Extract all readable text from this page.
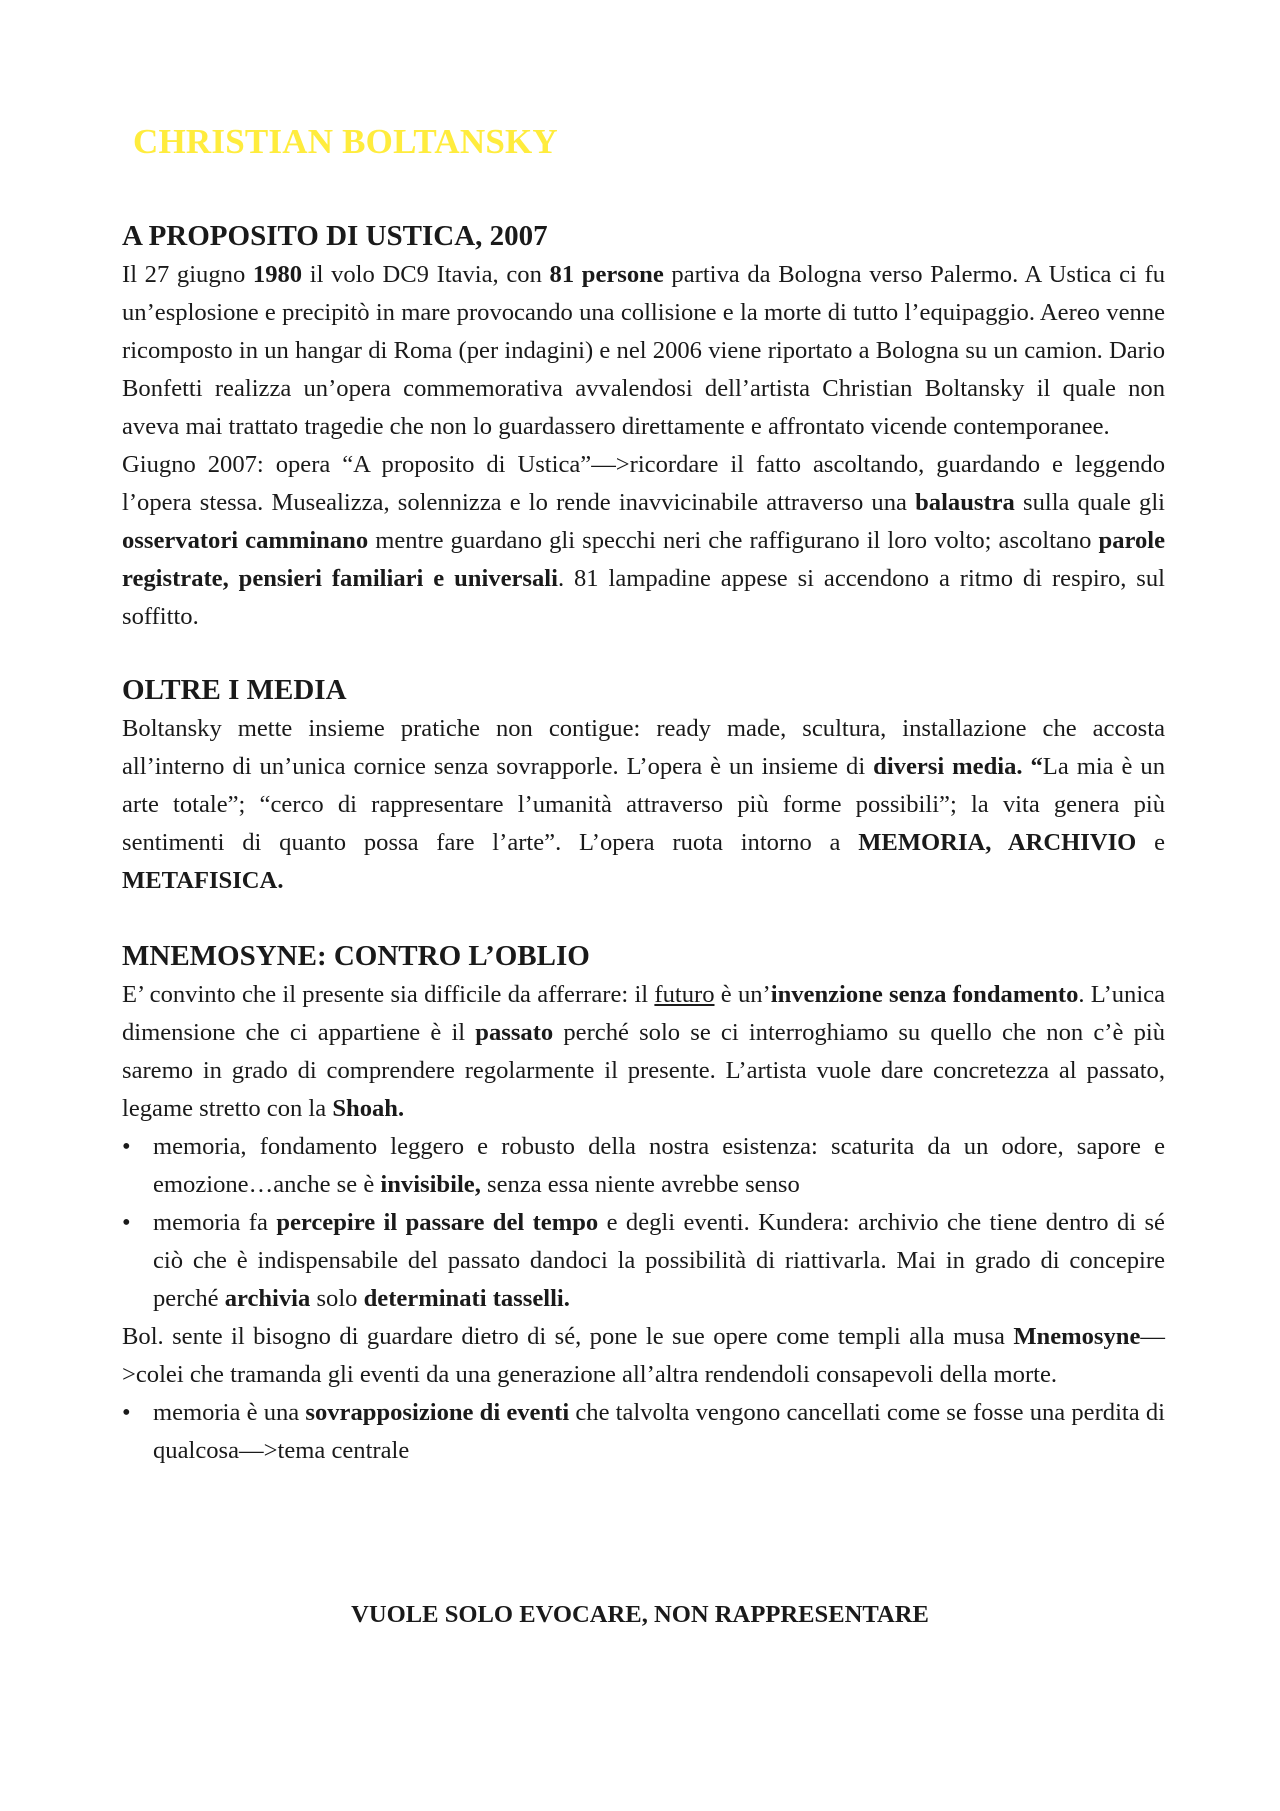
CHRISTIAN BOLTANSKY
A PROPOSITO DI USTICA, 2007

Il 27 giugno 1980 il volo DC9 Itavia, con 81 persone partiva da Bologna verso Palermo. A Ustica ci fu un’esplosione e precipitò in mare provocando una collisione e la morte di tutto l’equipaggio. Aereo venne ricomposto in un hangar di Roma (per indagini) e nel 2006 viene riportato a Bologna su un camion. Dario Bonfetti realizza un’opera commemorativa avvalendosi dell’artista Christian Boltansky il quale non aveva mai trattato tragedie che non lo guardassero direttamente e affrontato vicende contemporanee.

Giugno 2007: opera “A proposito di Ustica”—>ricordare il fatto ascoltando, guardando e leggendo l’opera stessa. Musealizza, solennizza e lo rende inavvicinabile attraverso una balaustra sulla quale gli osservatori camminano mentre guardano gli specchi neri che raffigurano il loro volto; ascoltano parole registrate, pensieri familiari e universali. 81 lampadine appese si accendono a ritmo di respiro, sul soffitto.

OLTRE I MEDIA

Boltansky mette insieme pratiche non contigue: ready made, scultura, installazione che accosta all’interno di un’unica cornice senza sovrapporle. L’opera è un insieme di diversi media. “La mia è un arte totale”; “cerco di rappresentare l’umanità attraverso più forme possibili”; la vita genera più sentimenti di quanto possa fare l’arte”. L’opera ruota intorno a MEMORIA, ARCHIVIO e METAFISICA.

MNEMOSYNE: CONTRO L’OBLIO

E’ convinto che il presente sia difficile da afferrare: il futuro è un’invenzione senza fondamento. L’unica dimensione che ci appartiene è il passato perché solo se ci interroghiamo su quello che non c’è più saremo in grado di comprendere regolarmente il presente. L’artista vuole dare concretezza al passato, legame stretto con la Shoah.

• memoria, fondamento leggero e robusto della nostra esistenza: scaturita da un odore, sapore e emozione…anche se è invisibile, senza essa niente avrebbe senso
• memoria fa percepire il passare del tempo e degli eventi. Kundera: archivio che tiene dentro di sé ciò che è indispensabile del passato dandoci la possibilità di riattivarla. Mai in grado di concepire perché archivia solo determinati tasselli.

Bol. sente il bisogno di guardare dietro di sé, pone le sue opere come templi alla musa Mnemosyne—>colei che tramanda gli eventi da una generazione all’altra rendendoli consapevoli della morte.

• memoria è una sovrapposizione di eventi che talvolta vengono cancellati come se fosse una perdita di qualcosa—>tema centrale
VUOLE SOLO EVOCARE, NON RAPPRESENTARE
